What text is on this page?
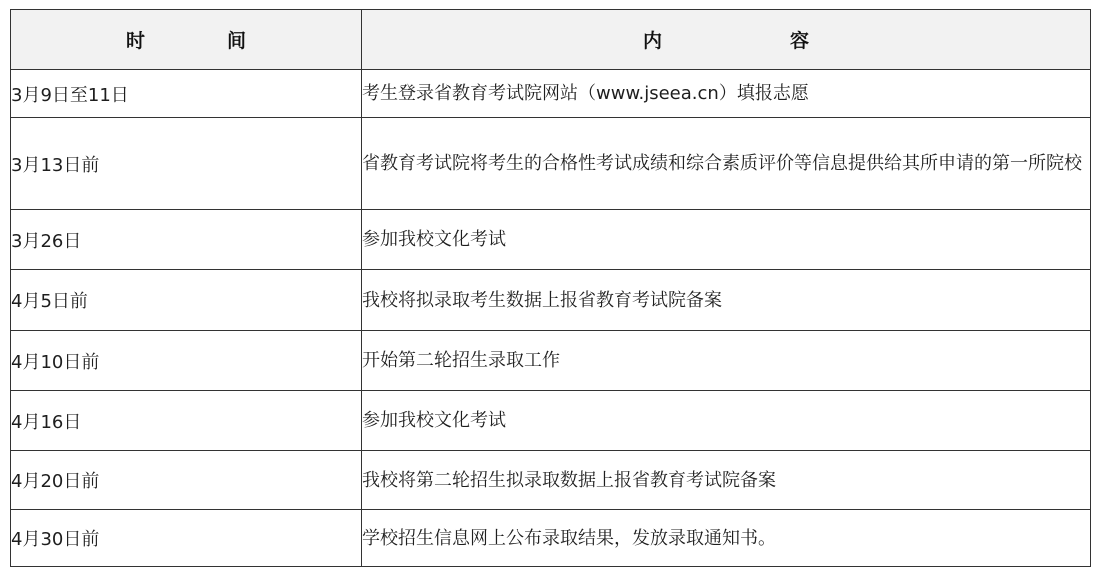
时 间	内 容
3月9日至11日	考生登录省教育考试院网站（www.jseea.cn）填报志愿
3月13日前	省教育考试院将考生的合格性考试成绩和综合素质评价等信息提供给其所申请的第一所院校
3月26日	参加我校文化考试
4月5日前	我校将拟录取考生数据上报省教育考试院备案
4月10日前	开始第二轮招生录取工作
4月16日	参加我校文化考试
4月20日前	我校将第二轮招生拟录取数据上报省教育考试院备案
4月30日前	学校招生信息网上公布录取结果，发放录取通知书。
